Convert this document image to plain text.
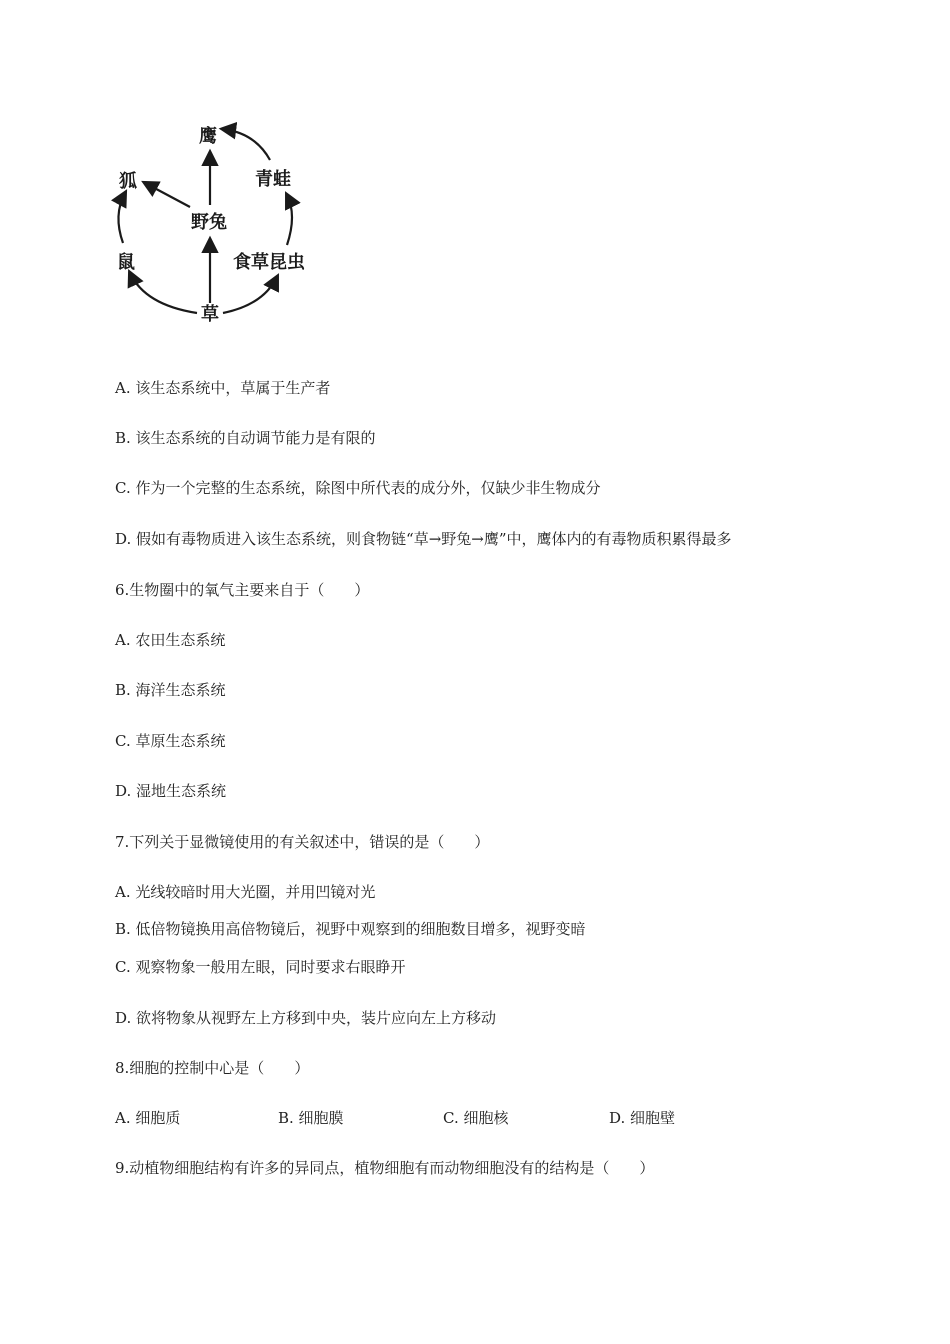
鹰
狐	青蛙
野兔
鼠	食草昆虫
草
A. 该生态系统中，草属于生产者
B. 该生态系统的自动调节能力是有限的
C. 作为一个完整的生态系统，除图中所代表的成分外，仅缺少非生物成分
D. 假如有毒物质进入该生态系统，则食物链“草→野兔→鹰”中，鹰体内的有毒物质积累得最多
6.生物圈中的氧气主要来自于（　　）
A. 农田生态系统
B. 海洋生态系统
C. 草原生态系统
D. 湿地生态系统
7.下列关于显微镜使用的有关叙述中，错误的是（　　）
A. 光线较暗时用大光圈，并用凹镜对光
B. 低倍物镜换用高倍物镜后，视野中观察到的细胞数目增多，视野变暗
C. 观察物象一般用左眼，同时要求右眼睁开
D. 欲将物象从视野左上方移到中央，装片应向左上方移动
8.细胞的控制中心是（　　）
A. 细胞质	B. 细胞膜	C. 细胞核	D. 细胞壁
9.动植物细胞结构有许多的异同点，植物细胞有而动物细胞没有的结构是（　　）
